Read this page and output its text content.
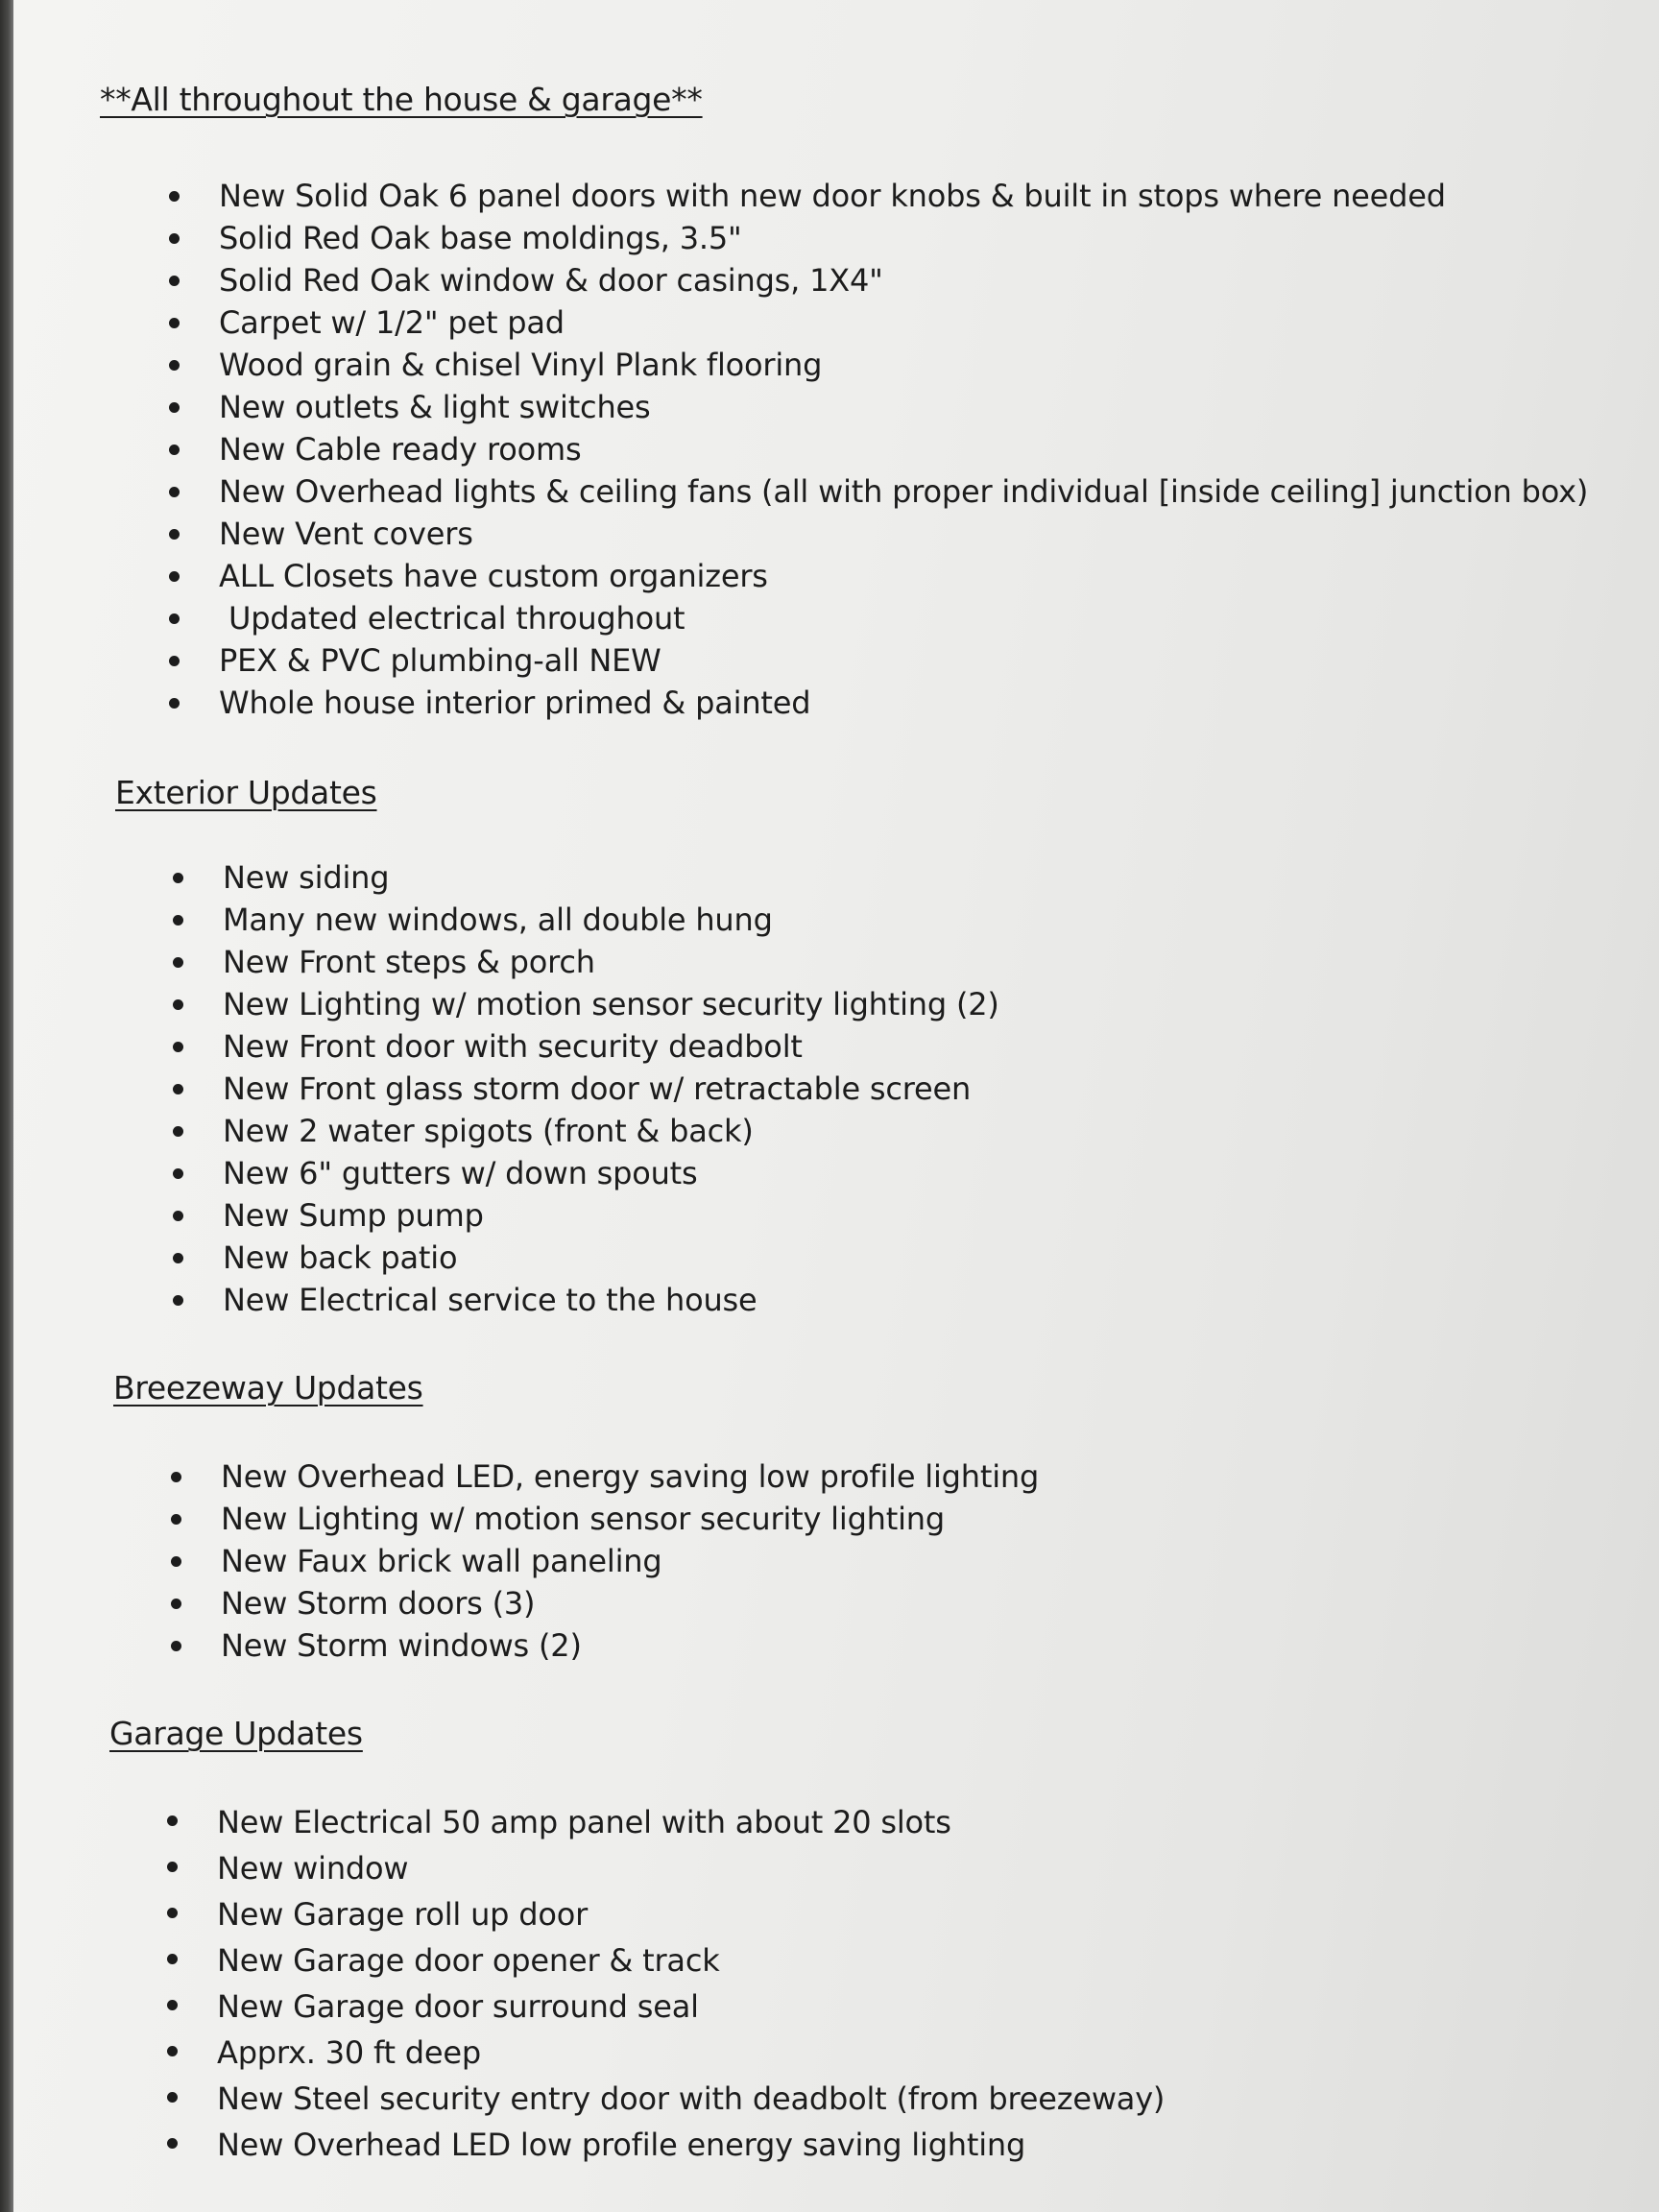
**All throughout the house & garage**
New Solid Oak 6 panel doors with new door knobs & built in stops where needed
Solid Red Oak base moldings, 3.5"
Solid Red Oak window & door casings, 1X4"
Carpet w/ 1/2" pet pad
Wood grain & chisel Vinyl Plank flooring
New outlets & light switches
New Cable ready rooms
New Overhead lights & ceiling fans (all with proper individual [inside ceiling] junction box)
New Vent covers
ALL Closets have custom organizers
Updated electrical throughout
PEX & PVC plumbing-all NEW
Whole house interior primed & painted
Exterior Updates
New siding
Many new windows, all double hung
New Front steps & porch
New Lighting w/ motion sensor security lighting (2)
New Front door with security deadbolt
New Front glass storm door w/ retractable screen
New 2 water spigots (front & back)
New 6" gutters w/ down spouts
New Sump pump
New back patio
New Electrical service to the house
Breezeway Updates
New Overhead LED, energy saving low profile lighting
New Lighting w/ motion sensor security lighting
New Faux brick wall paneling
New Storm doors (3)
New Storm windows (2)
Garage Updates
New Electrical 50 amp panel with about 20 slots
New window
New Garage roll up door
New Garage door opener & track
New Garage door surround seal
Apprx. 30 ft deep
New Steel security entry door with deadbolt (from breezeway)
New Overhead LED low profile energy saving lighting
